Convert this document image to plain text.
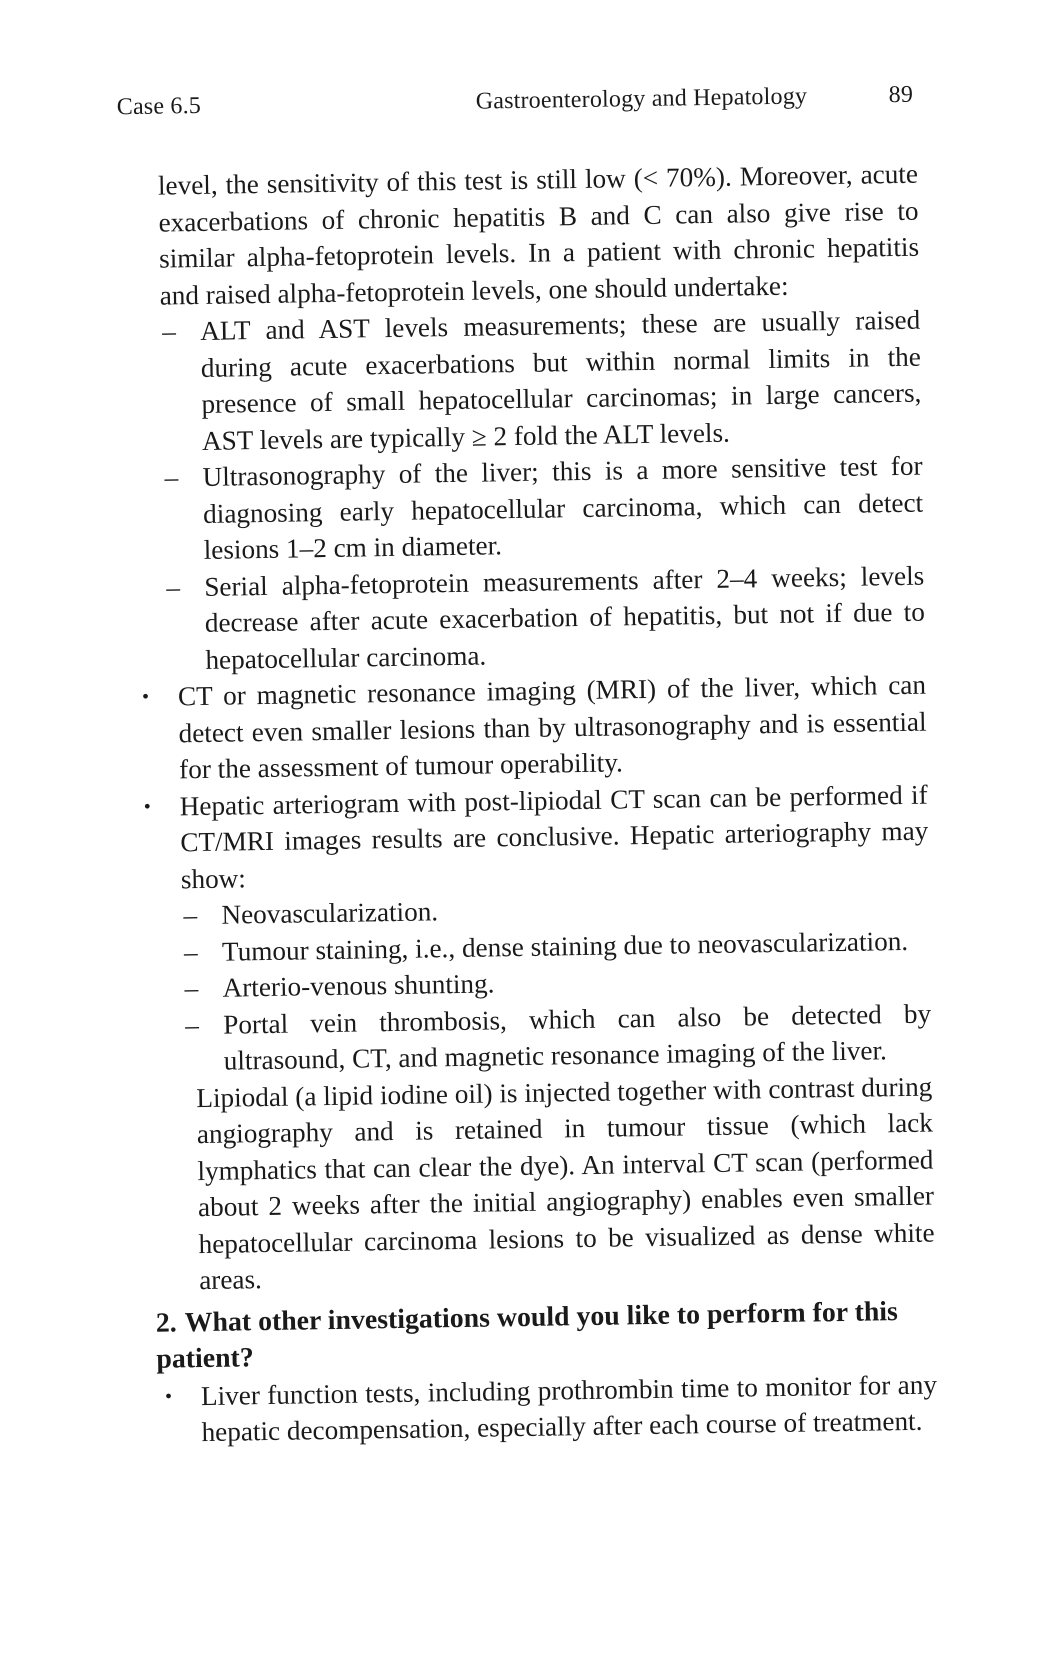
Case 6.5	Gastroenterology and Hepatology	89

level, the sensitivity of this test is still low (< 70%). Moreover, acute exacerbations of chronic hepatitis B and C can also give rise to similar alpha-fetoprotein levels. In a patient with chronic hepatitis and raised alpha-fetoprotein levels, one should undertake:

– ALT and AST levels measurements; these are usually raised during acute exacerbations but within normal limits in the presence of small hepatocellular carcinomas; in large cancers, AST levels are typically ≥ 2 fold the ALT levels.

– Ultrasonography of the liver; this is a more sensitive test for diagnosing early hepatocellular carcinoma, which can detect lesions 1–2 cm in diameter.

– Serial alpha-fetoprotein measurements after 2–4 weeks; levels decrease after acute exacerbation of hepatitis, but not if due to hepatocellular carcinoma.

• CT or magnetic resonance imaging (MRI) of the liver, which can detect even smaller lesions than by ultrasonography and is essential for the assessment of tumour operability.

• Hepatic arteriogram with post-lipiodal CT scan can be performed if CT/MRI images results are conclusive. Hepatic arteriography may show:

– Neovascularization.

– Tumour staining, i.e., dense staining due to neovascularization.

– Arterio-venous shunting.

– Portal vein thrombosis, which can also be detected by ultrasound, CT, and magnetic resonance imaging of the liver.

Lipiodal (a lipid iodine oil) is injected together with contrast during angiography and is retained in tumour tissue (which lack lymphatics that can clear the dye). An interval CT scan (performed about 2 weeks after the initial angiography) enables even smaller hepatocellular carcinoma lesions to be visualized as dense white areas.

2. What other investigations would you like to perform for this patient?
• Liver function tests, including prothrombin time to monitor for any hepatic decompensation, especially after each course of treatment.
